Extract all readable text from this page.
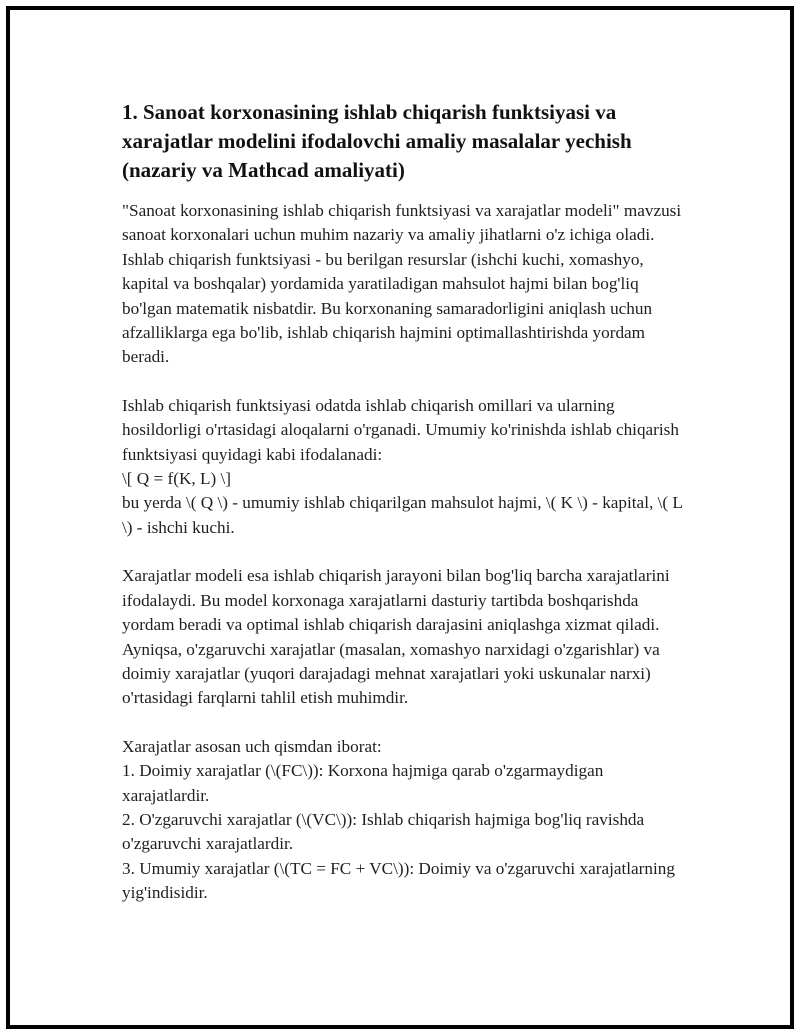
1. Sanoat korxonasining ishlab chiqarish funktsiyasi va xarajatlar modelini ifodalovchi amaliy masalalar yechish (nazariy va Mathcad amaliyati)

"Sanoat korxonasining ishlab chiqarish funktsiyasi va xarajatlar modeli" mavzusi sanoat korxonalari uchun muhim nazariy va amaliy jihatlarni o'z ichiga oladi. Ishlab chiqarish funktsiyasi - bu berilgan resurslar (ishchi kuchi, xomashyo, kapital va boshqalar) yordamida yaratiladigan mahsulot hajmi bilan bog'liq bo'lgan matematik nisbatdir. Bu korxonaning samaradorligini aniqlash uchun afzalliklarga ega bo'lib, ishlab chiqarish hajmini optimallashtirishda yordam beradi.

Ishlab chiqarish funktsiyasi odatda ishlab chiqarish omillari va ularning hosildorligi o'rtasidagi aloqalarni o'rganadi. Umumiy ko'rinishda ishlab chiqarish funktsiyasi quyidagi kabi ifodalanadi:
\[ Q = f(K, L) \]
bu yerda \( Q \) - umumiy ishlab chiqarilgan mahsulot hajmi, \( K \) - kapital, \( L \) - ishchi kuchi.

Xarajatlar modeli esa ishlab chiqarish jarayoni bilan bog'liq barcha xarajatlarini ifodalaydi. Bu model korxonaga xarajatlarni dasturiy tartibda boshqarishda yordam beradi va optimal ishlab chiqarish darajasini aniqlashga xizmat qiladi. Ayniqsa, o'zgaruvchi xarajatlar (masalan, xomashyo narxidagi o'zgarishlar) va doimiy xarajatlar (yuqori darajadagi mehnat xarajatlari yoki uskunalar narxi) o'rtasidagi farqlarni tahlil etish muhimdir.

Xarajatlar asosan uch qismdan iborat:
1. Doimiy xarajatlar (\(FC\)): Korxona hajmiga qarab o'zgarmaydigan xarajatlardir.
2. O'zgaruvchi xarajatlar (\(VC\)): Ishlab chiqarish hajmiga bog'liq ravishda o'zgaruvchi xarajatlardir.
3. Umumiy xarajatlar (\(TC = FC + VC\)): Doimiy va o'zgaruvchi xarajatlarning yig'indisidir.
